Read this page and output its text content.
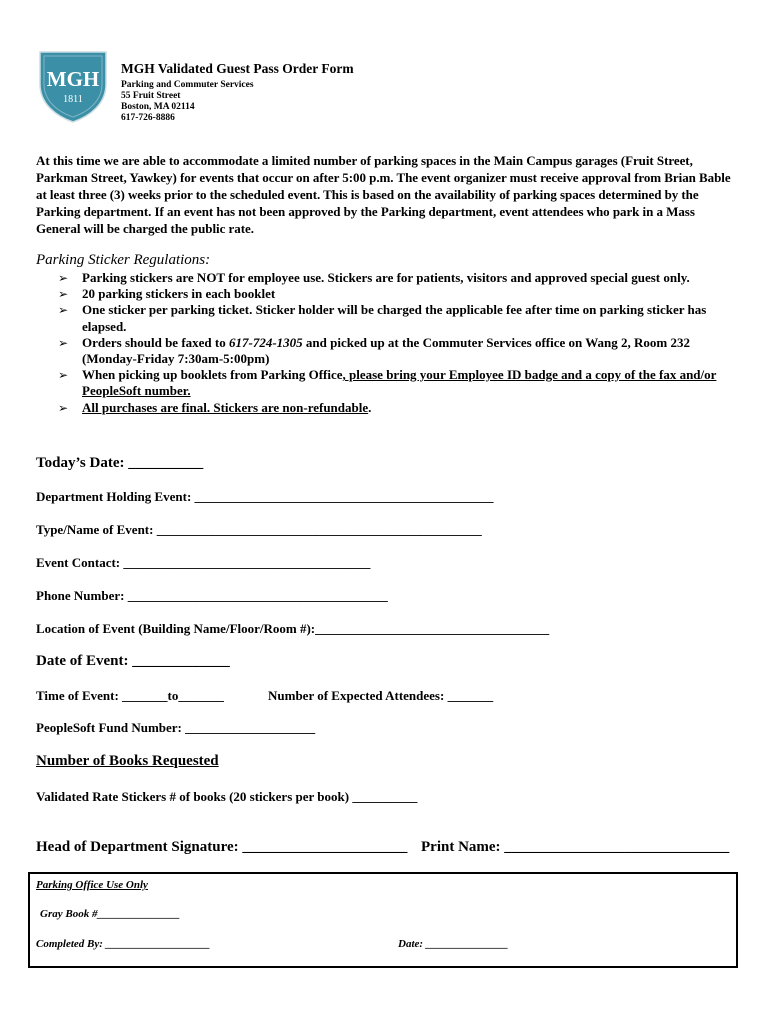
MGH
1811
MGH Validated Guest Pass Order Form
Parking and Commuter Services
55 Fruit Street
Boston, MA 02114
617-726-8886
At this time we are able to accommodate a limited number of parking spaces in the Main Campus garages (Fruit Street, Parkman Street, Yawkey) for events that occur on after 5:00 p.m. The event organizer must receive approval from Brian Bable at least three (3) weeks prior to the scheduled event. This is based on the availability of parking spaces determined by the Parking department. If an event has not been approved by the Parking department, event attendees who park in a Mass General will be charged the public rate.
Parking Sticker Regulations:
➢ Parking stickers are NOT for employee use. Stickers are for patients, visitors and approved special guest only.
➢ 20 parking stickers in each booklet
➢ One sticker per parking ticket. Sticker holder will be charged the applicable fee after time on parking sticker has elapsed.
➢ Orders should be faxed to 617-724-1305 and picked up at the Commuter Services office on Wang 2, Room 232 (Monday-Friday 7:30am-5:00pm)
➢ When picking up booklets from Parking Office, please bring your Employee ID badge and a copy of the fax and/or PeopleSoft number.
➢ All purchases are final. Stickers are non-refundable.
Today’s Date: __________
Department Holding Event: ______________________________________________
Type/Name of Event: __________________________________________________
Event Contact: ______________________________________
Phone Number: ________________________________________
Location of Event (Building Name/Floor/Room #):____________________________________
Date of Event: _____________
Time of Event: _______to_______	Number of Expected Attendees: _______
PeopleSoft Fund Number: ____________________
Number of Books Requested
Validated Rate Stickers # of books (20 stickers per book) __________
Head of Department Signature: ______________________ Print Name: ______________________________
Parking Office Use Only
Gray Book #_______________
Completed By: ___________________	Date: _______________
